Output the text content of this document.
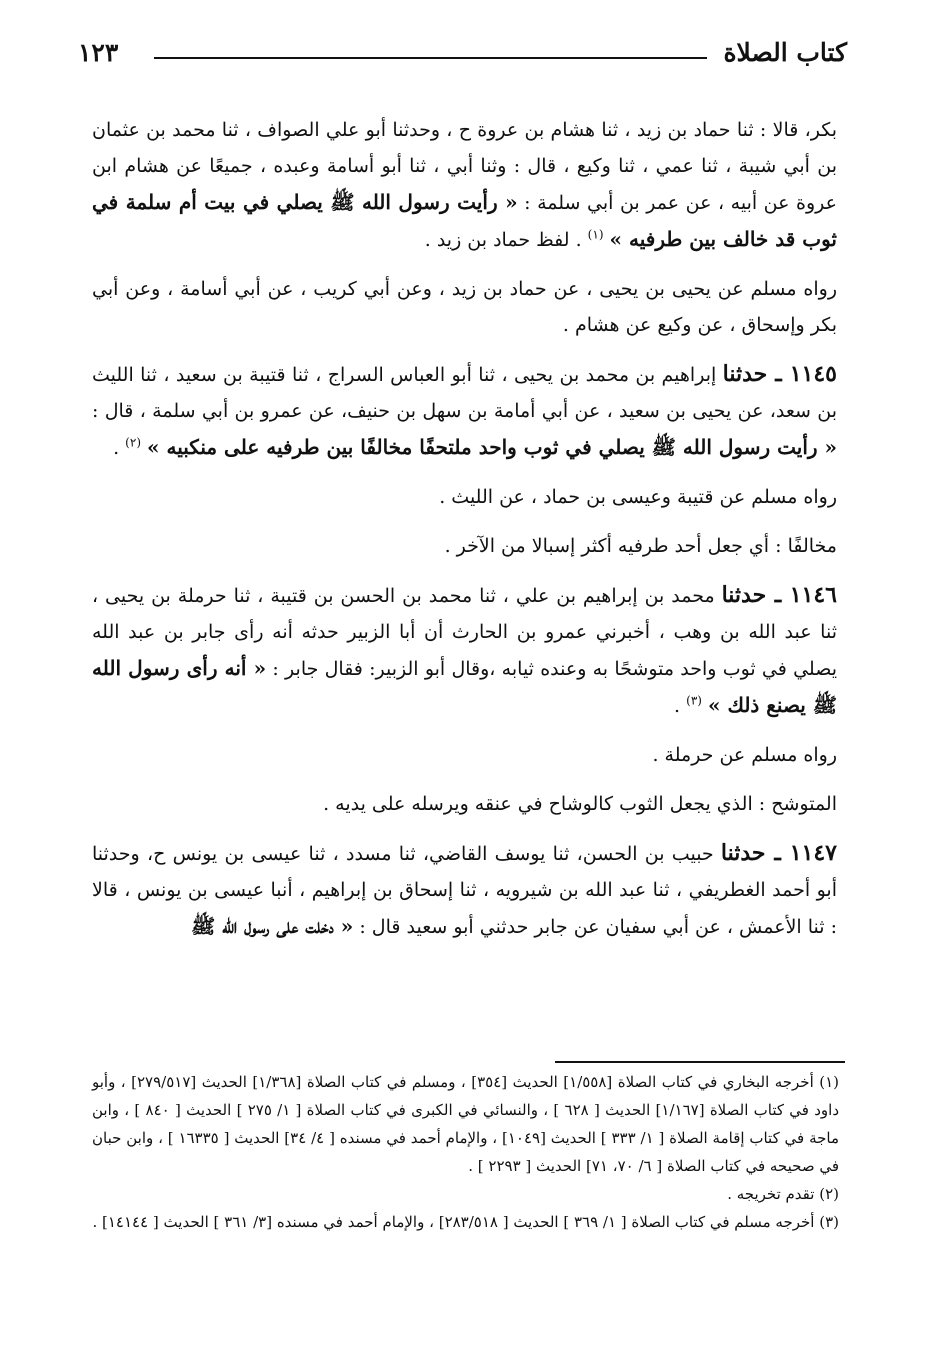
كتاب الصلاة
١٢٣

بكر، قالا : ثنا حماد بن زيد ، ثنا هشام بن عروة ح ، وحدثنا أبو علي الصواف ، ثنا محمد بن عثمان بن أبي شيبة ، ثنا عمي ، ثنا وكيع ، قال : وثنا أبي ، ثنا أبو أسامة وعبده ، جميعًا عن هشام ابن عروة عن أبيه ، عن عمر بن أبي سلمة : « رأيت رسول الله ﷺ يصلي في بيت أم سلمة في ثوب قد خالف بين طرفيه » $^{(١)}$ . لفظ حماد بن زيد .

رواه مسلم عن يحيى بن يحيى ، عن حماد بن زيد ، وعن أبي كريب ، عن أبي أسامة ، وعن أبي بكر وإسحاق ، عن وكيع عن هشام .

١١٤٥ ـ حدثنا إبراهيم بن محمد بن يحيى ، ثنا أبو العباس السراج ، ثنا قتيبة بن سعيد ، ثنا الليث بن سعد، عن يحيى بن سعيد ، عن أبي أمامة بن سهل بن حنيف، عن عمرو بن أبي سلمة ، قال : « رأيت رسول الله ﷺ يصلي في ثوب واحد ملتحفًا مخالفًا بين طرفيه على منكبيه » $^{(٢)}$ .

رواه مسلم عن قتيبة وعيسى بن حماد ، عن الليث .

مخالفًا : أي جعل أحد طرفيه أكثر إسبالا من الآخر .

١١٤٦ ـ حدثنا محمد بن إبراهيم بن علي ، ثنا محمد بن الحسن بن قتيبة ، ثنا حرملة بن يحيى ، ثنا عبد الله بن وهب ، أخبرني عمرو بن الحارث أن أبا الزبير حدثه أنه رأى جابر بن عبد الله يصلي في ثوب واحد متوشحًا به وعنده ثيابه ،وقال أبو الزبير: فقال جابر : « أنه رأى رسول الله ﷺ يصنع ذلك » $^{(٣)}$ .

رواه مسلم عن حرملة .

المتوشح : الذي يجعل الثوب كالوشاح في عنقه ويرسله على يديه .

١١٤٧ ـ حدثنا حبيب بن الحسن، ثنا يوسف القاضي، ثنا مسدد ، ثنا عيسى بن يونس ح، وحدثنا أبو أحمد الغطريفي ، ثنا عبد الله بن شيرويه ، ثنا إسحاق بن إبراهيم ، أنبا عيسى بن يونس ، قالا : ثنا الأعمش ، عن أبي سفيان عن جابر حدثني أبو سعيد قال : « دخلت على رسول الله ﷺ

(١) أخرجه البخاري في كتاب الصلاة [١/٥٥٨] الحديث [٣٥٤] ، ومسلم في كتاب الصلاة [١/٣٦٨] الحديث [٢٧٩/٥١٧] ، وأبو داود في كتاب الصلاة [١/١٦٧] الحديث [ ٦٢٨ ] ، والنسائي في الكبرى في كتاب الصلاة [ ١/ ٢٧٥ ] الحديث [ ٨٤٠ ] ، وابن ماجة في كتاب إقامة الصلاة [ ١/ ٣٣٣ ] الحديث [١٠٤٩] ، والإمام أحمد في مسنده [ ٤/ ٣٤] الحديث [ ١٦٣٣٥ ] ، وابن حبان في صحيحه في كتاب الصلاة [ ٦/ ٧٠، ٧١] الحديث [ ٢٢٩٣ ] .

(٢) تقدم تخريجه .

(٣) أخرجه مسلم في كتاب الصلاة [ ١/ ٣٦٩ ] الحديث [ ٢٨٣/٥١٨] ، والإمام أحمد في مسنده [٣/ ٣٦١ ] الحديث [ ١٤١٤٤] .
